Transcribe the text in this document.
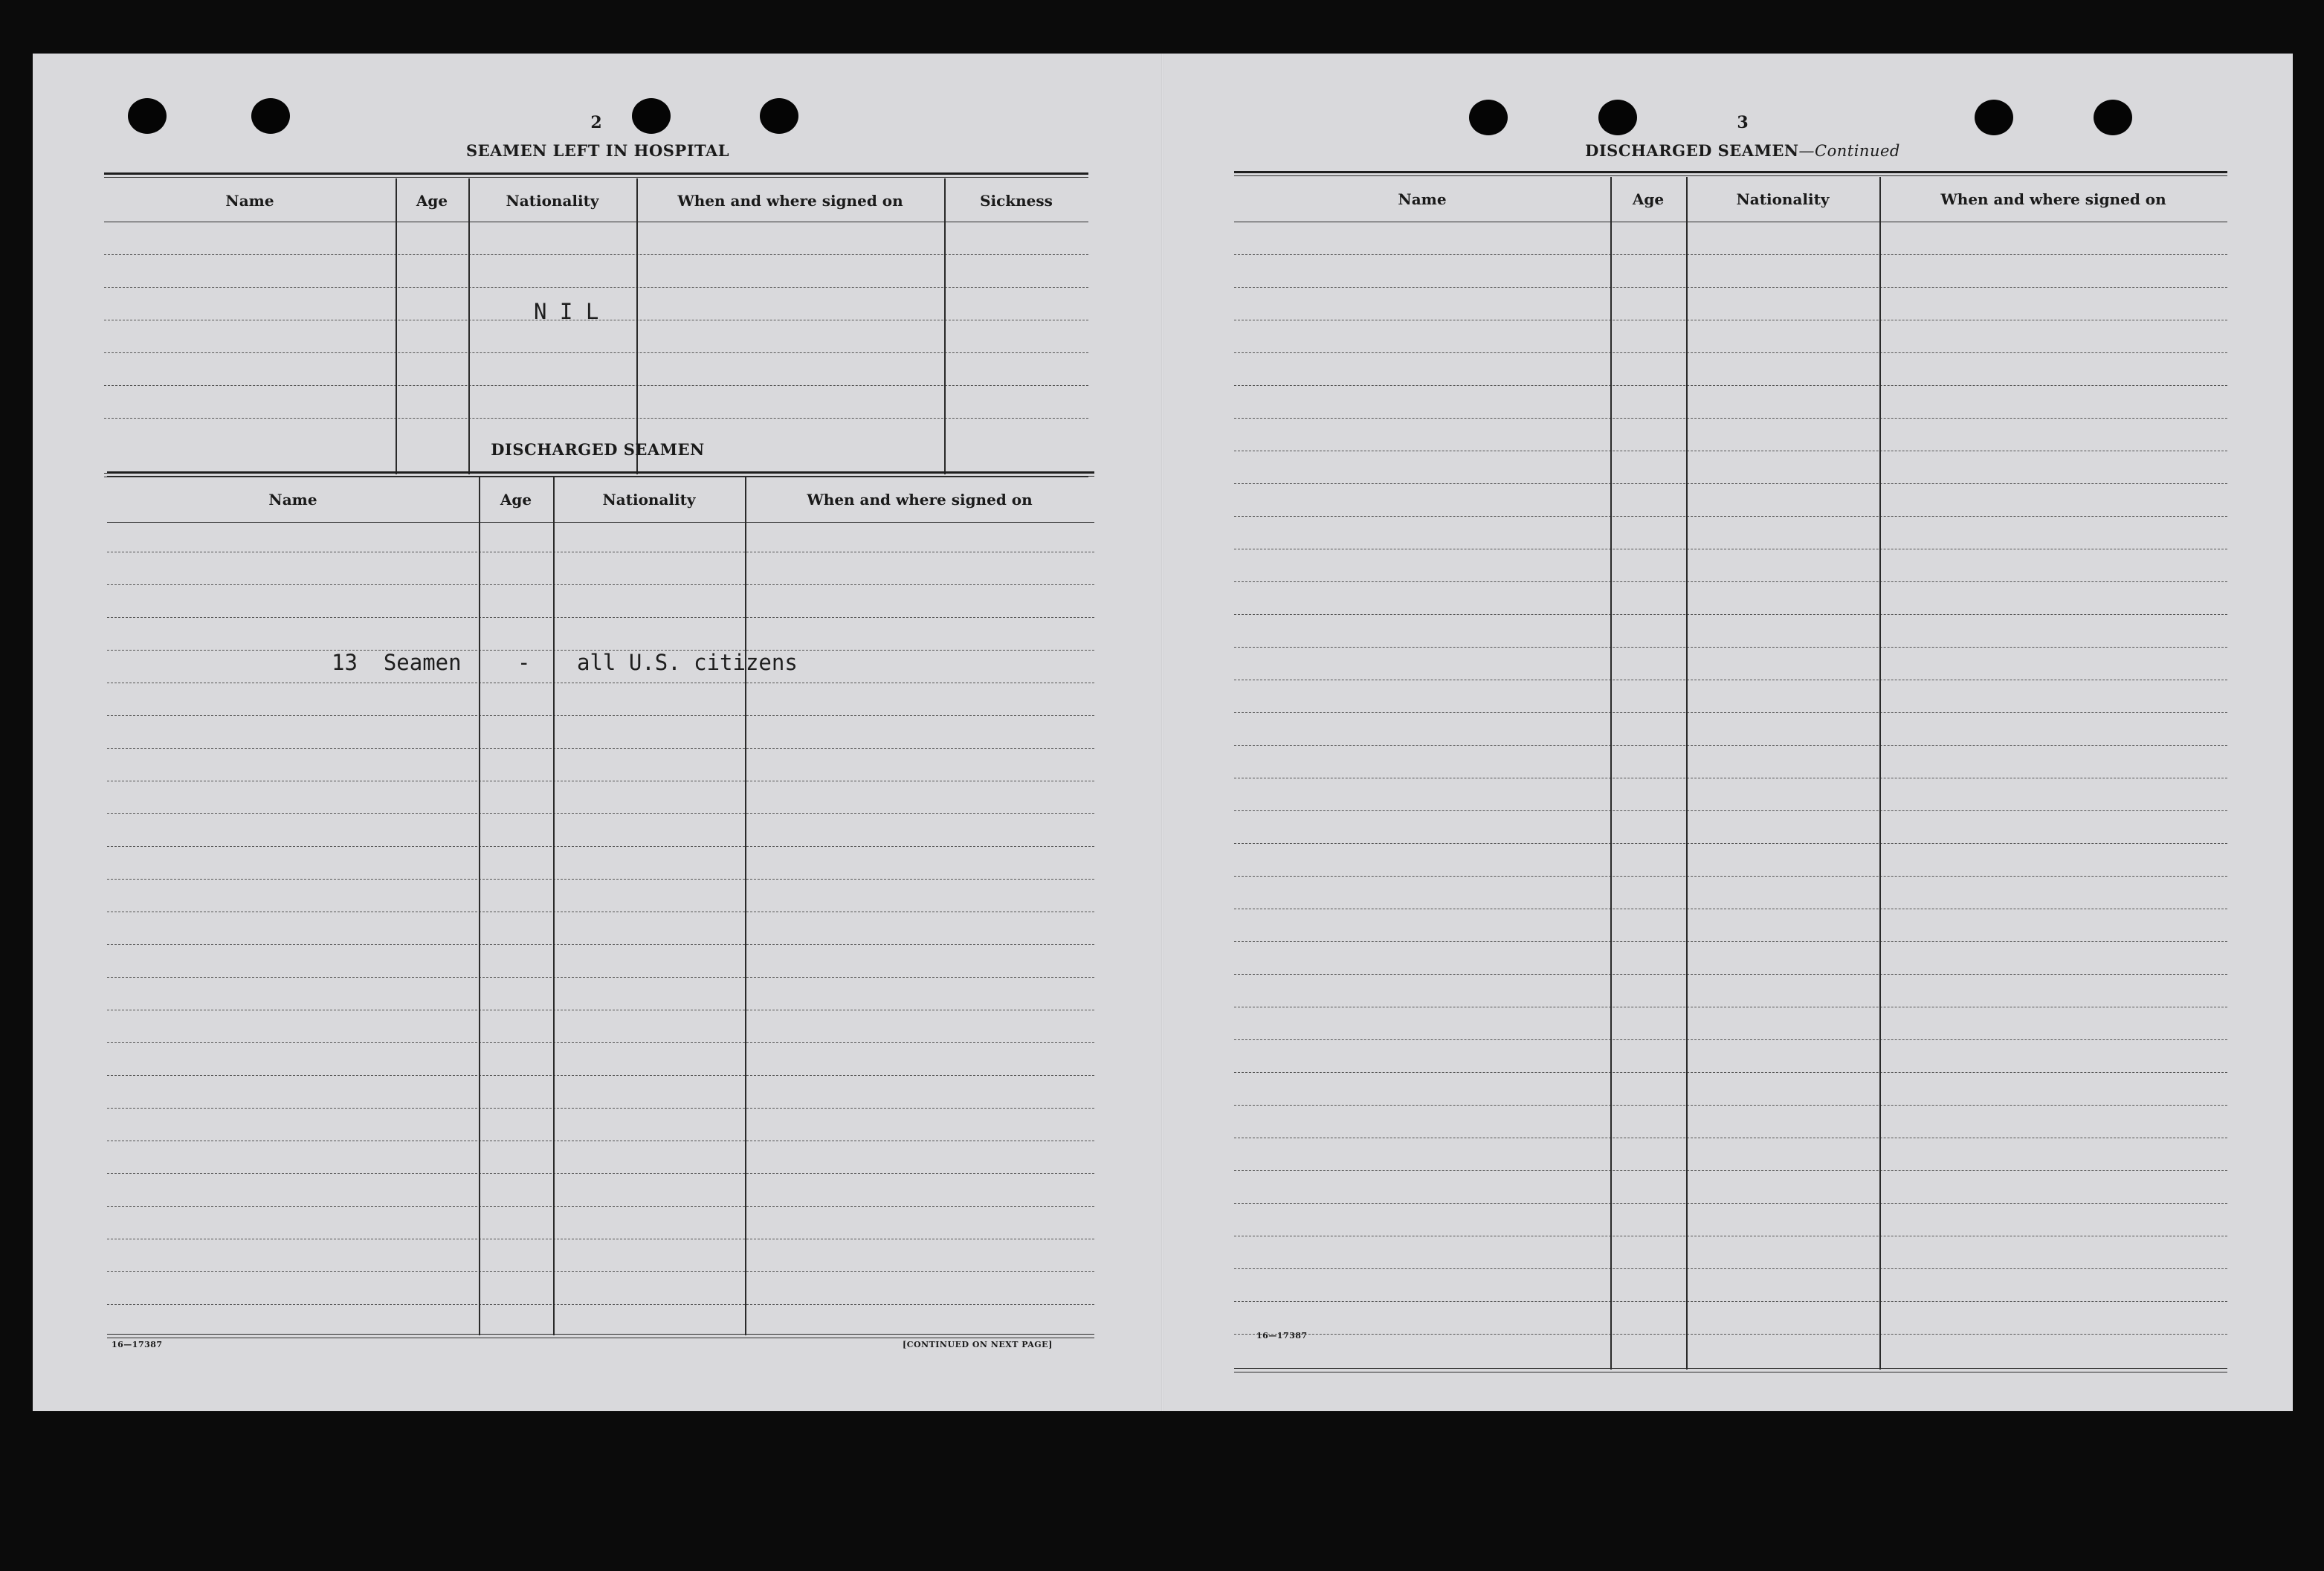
2
SEAMEN LEFT IN HOSPITAL
Name	Age	Nationality	When and where signed on	Sickness
N I L
DISCHARGED SEAMEN
Name	Age	Nationality	When and where signed on
13  Seamen	- all U.S. citizens
16—17387	[CONTINUED ON NEXT PAGE]
3
DISCHARGED SEAMEN—Continued
Name	Age	Nationality	When and where signed on
16—17387
